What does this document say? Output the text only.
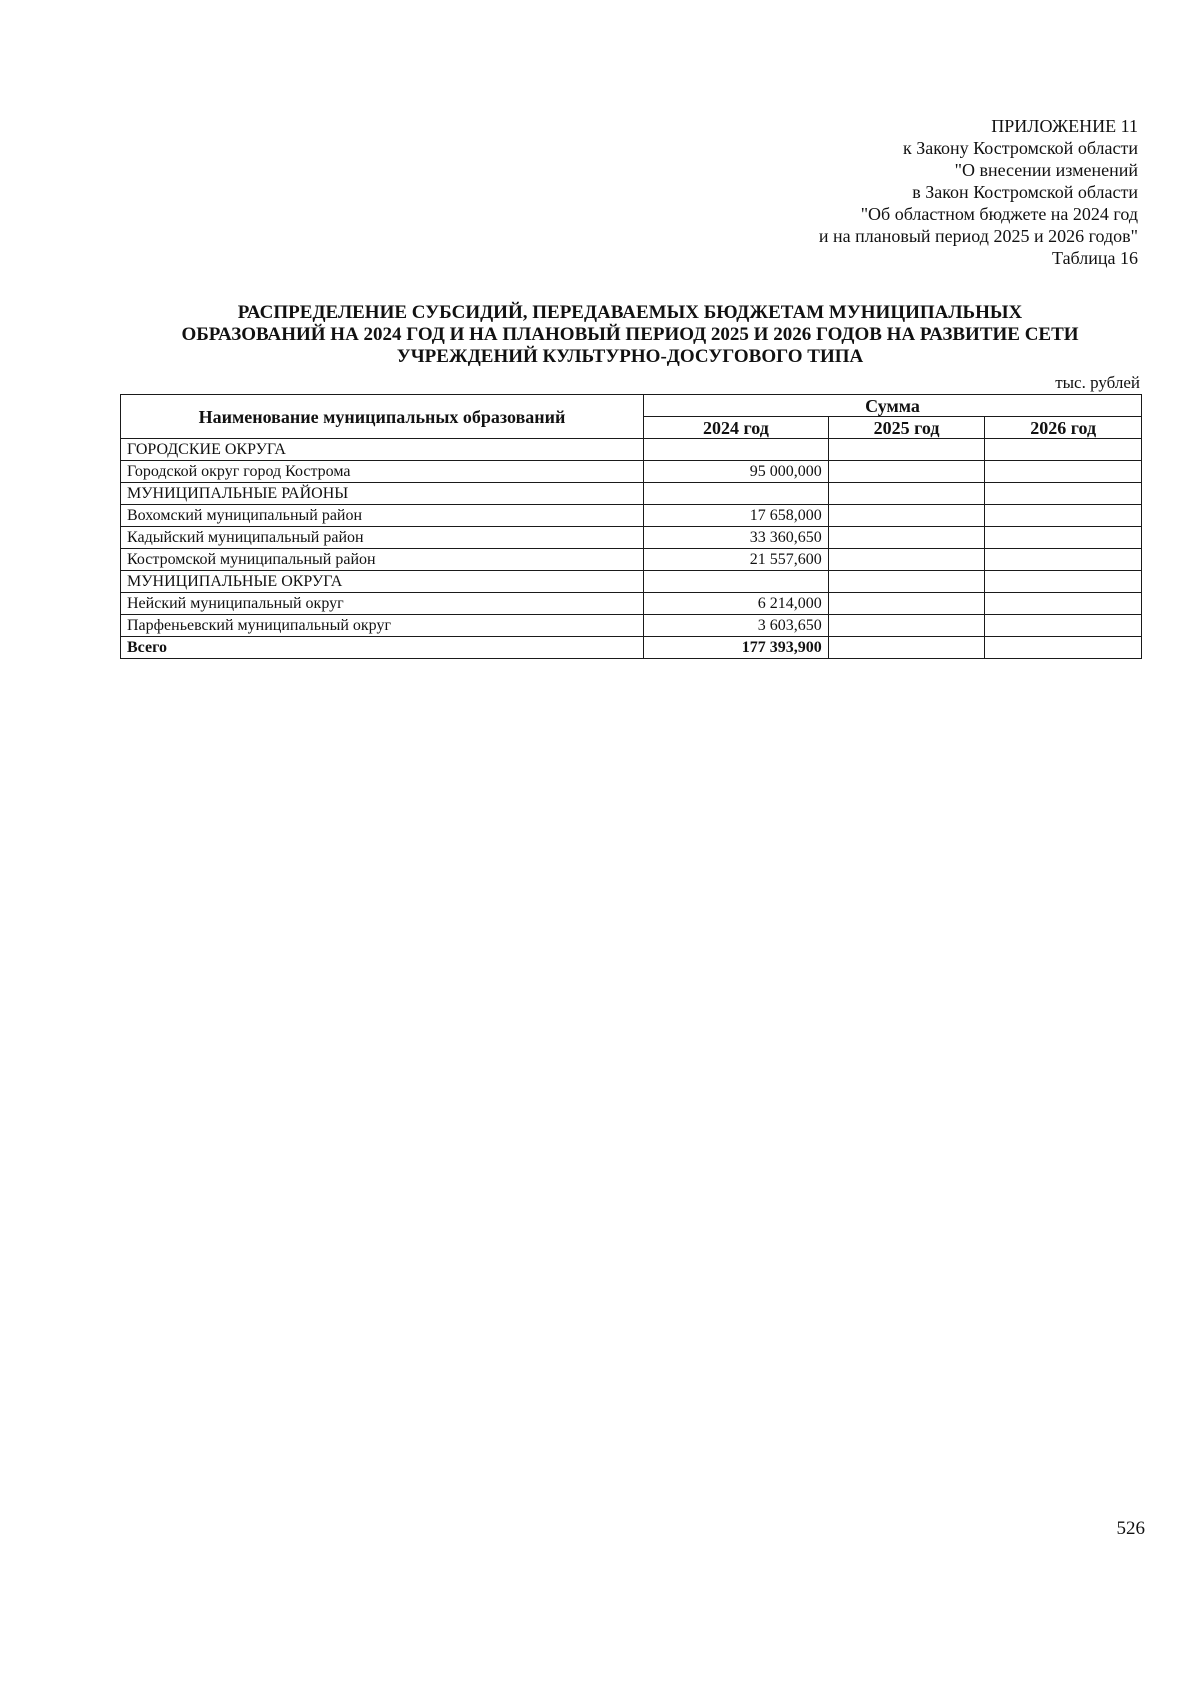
ПРИЛОЖЕНИЕ 11
к Закону Костромской области
"О внесении изменений
в Закон Костромской области
"Об областном бюджете на 2024 год
и на плановый период 2025 и 2026 годов"
Таблица 16
РАСПРЕДЕЛЕНИЕ СУБСИДИЙ, ПЕРЕДАВАЕМЫХ БЮДЖЕТАМ МУНИЦИПАЛЬНЫХ
ОБРАЗОВАНИЙ НА 2024 ГОД И НА ПЛАНОВЫЙ ПЕРИОД 2025 И 2026 ГОДОВ НА РАЗВИТИЕ СЕТИ
УЧРЕЖДЕНИЙ КУЛЬТУРНО-ДОСУГОВОГО ТИПА
тыс. рублей
Наименование муниципальных образований	Сумма		
	2024 год	2025 год	2026 год
ГОРОДСКИЕ ОКРУГА			
Городской округ город Кострома	95 000,000		
МУНИЦИПАЛЬНЫЕ РАЙОНЫ			
Вохомский муниципальный район	17 658,000		
Кадыйский муниципальный район	33 360,650		
Костромской муниципальный район	21 557,600		
МУНИЦИПАЛЬНЫЕ ОКРУГА			
Нейский муниципальный округ	6 214,000		
Парфеньевский муниципальный округ	3 603,650		
Всего	177 393,900		
526
